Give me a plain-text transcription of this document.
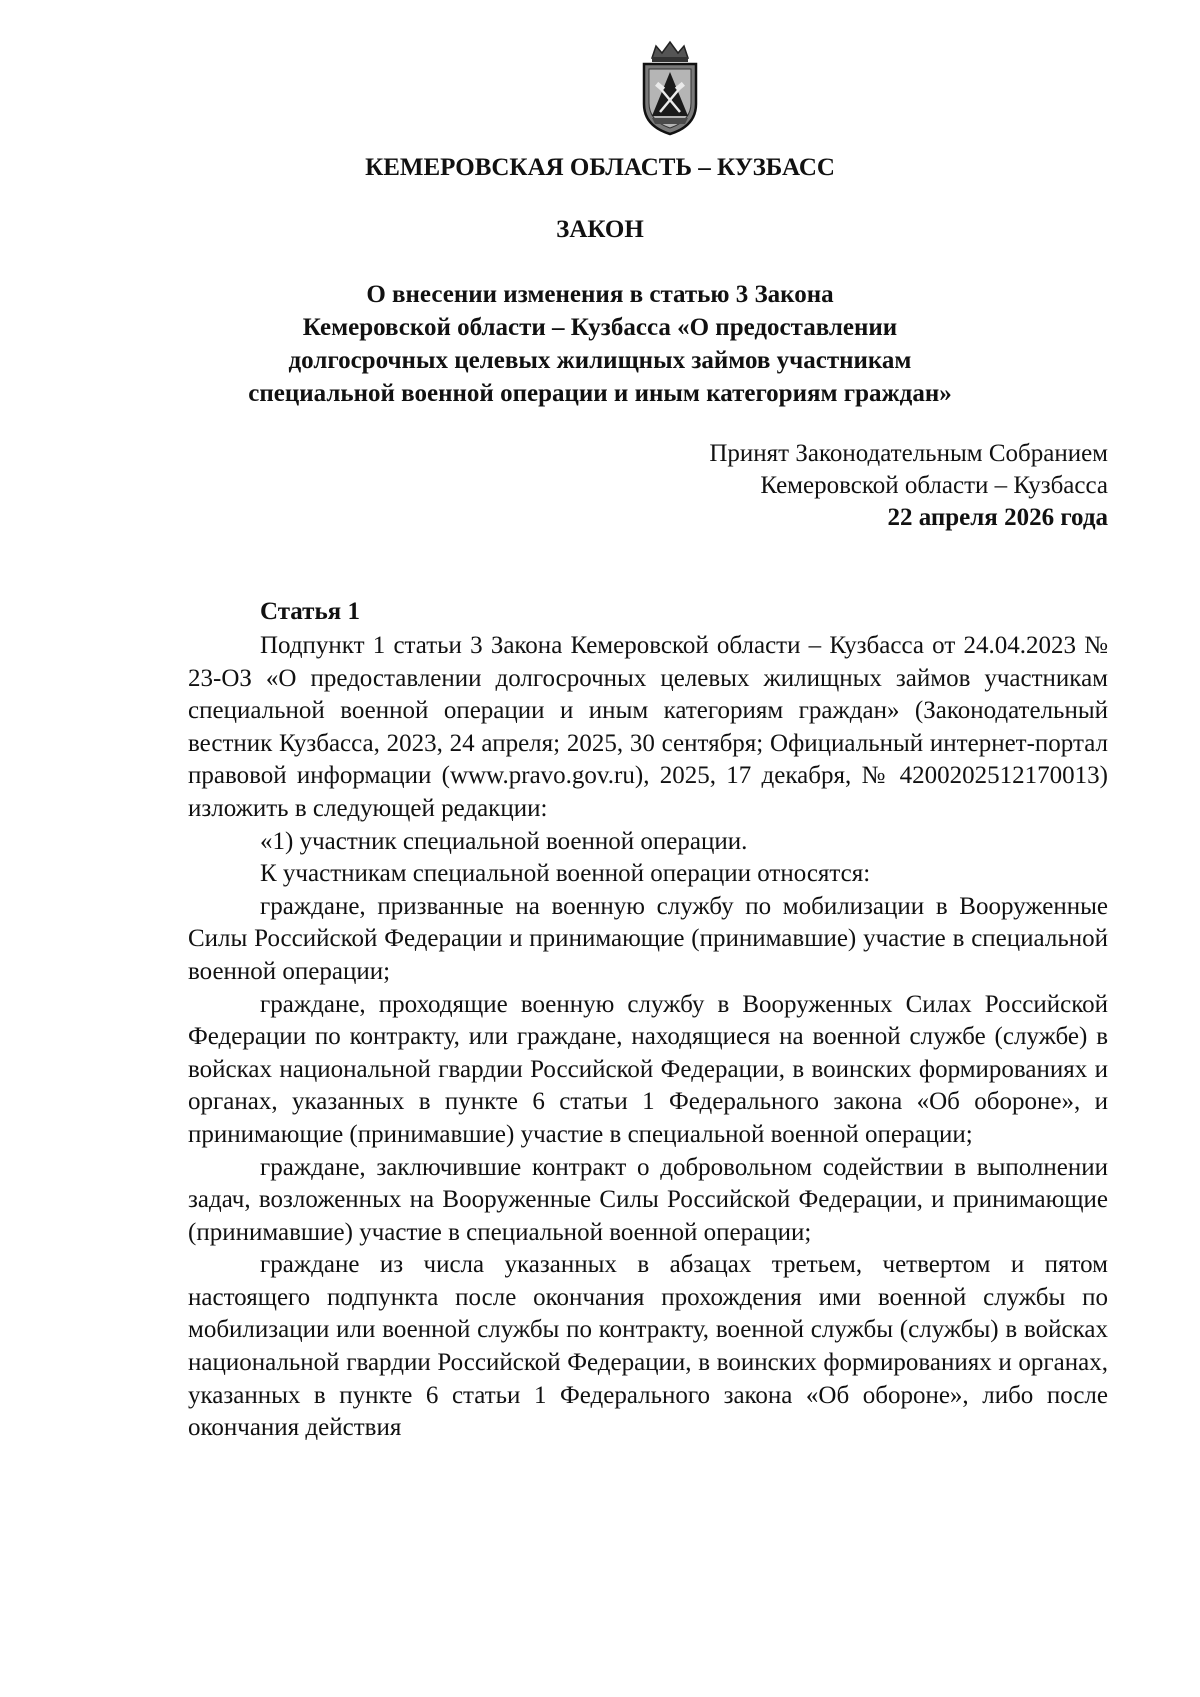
КЕМЕРОВСКАЯ ОБЛАСТЬ – КУЗБАСС
ЗАКОН
О внесении изменения в статью 3 Закона
Кемеровской области – Кузбасса «О предоставлении
долгосрочных целевых жилищных займов участникам
специальной военной операции и иным категориям граждан»
Принят Законодательным Собранием
Кемеровской области – Кузбасса
22 апреля 2026 года
Статья 1

Подпункт 1 статьи 3 Закона Кемеровской области – Кузбасса от 24.04.2023 № 23-ОЗ «О предоставлении долгосрочных целевых жилищных займов участникам специальной военной операции и иным категориям граждан» (Законодательный вестник Кузбасса, 2023, 24 апреля; 2025, 30 сентября; Официальный интернет-портал правовой информации (www.pravo.gov.ru), 2025, 17 декабря, № 4200202512170013) изложить в следующей редакции:

«1) участник специальной военной операции.

К участникам специальной военной операции относятся:

граждане, призванные на военную службу по мобилизации в Вооруженные Силы Российской Федерации и принимающие (принимавшие) участие в специальной военной операции;

граждане, проходящие военную службу в Вооруженных Силах Российской Федерации по контракту, или граждане, находящиеся на военной службе (службе) в войсках национальной гвардии Российской Федерации, в воинских формированиях и органах, указанных в пункте 6 статьи 1 Федерального закона «Об обороне», и принимающие (принимавшие) участие в специальной военной операции;

граждане, заключившие контракт о добровольном содействии в выполнении задач, возложенных на Вооруженные Силы Российской Федерации, и принимающие (принимавшие) участие в специальной военной операции;

граждане из числа указанных в абзацах третьем, четвертом и пятом настоящего подпункта после окончания прохождения ими военной службы по мобилизации или военной службы по контракту, военной службы (службы) в войсках национальной гвардии Российской Федерации, в воинских формированиях и органах, указанных в пункте 6 статьи 1 Федерального закона «Об обороне», либо после окончания действия
